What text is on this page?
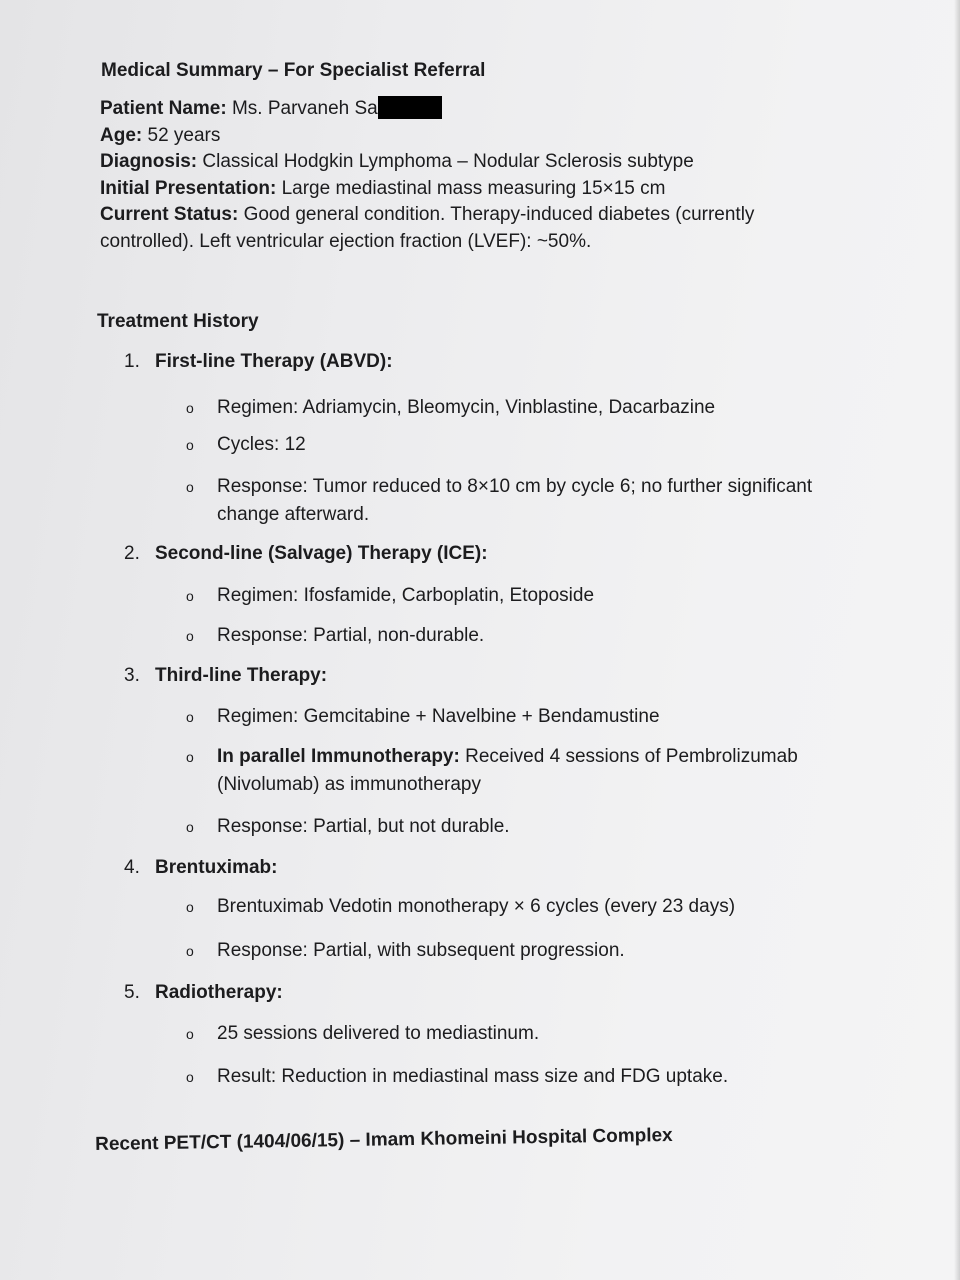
Medical Summary – For Specialist Referral
Patient Name: Ms. Parvaneh Sa
Age: 52 years
Diagnosis: Classical Hodgkin Lymphoma – Nodular Sclerosis subtype
Initial Presentation: Large mediastinal mass measuring 15×15 cm
Current Status: Good general condition. Therapy-induced diabetes (currently
controlled). Left ventricular ejection fraction (LVEF): ~50%.
Treatment History
1. First-line Therapy (ABVD):
o Regimen: Adriamycin, Bleomycin, Vinblastine, Dacarbazine
o Cycles: 12
o Response: Tumor reduced to 8×10 cm by cycle 6; no further significant
change afterward.
2. Second-line (Salvage) Therapy (ICE):
o Regimen: Ifosfamide, Carboplatin, Etoposide
o Response: Partial, non-durable.
3. Third-line Therapy:
o Regimen: Gemcitabine + Navelbine + Bendamustine
o In parallel Immunotherapy: Received 4 sessions of Pembrolizumab
(Nivolumab) as immunotherapy
o Response: Partial, but not durable.
4. Brentuximab:
o Brentuximab Vedotin monotherapy × 6 cycles (every 23 days)
o Response: Partial, with subsequent progression.
5. Radiotherapy:
o 25 sessions delivered to mediastinum.
o Result: Reduction in mediastinal mass size and FDG uptake.
Recent PET/CT (1404/06/15) – Imam Khomeini Hospital Complex
